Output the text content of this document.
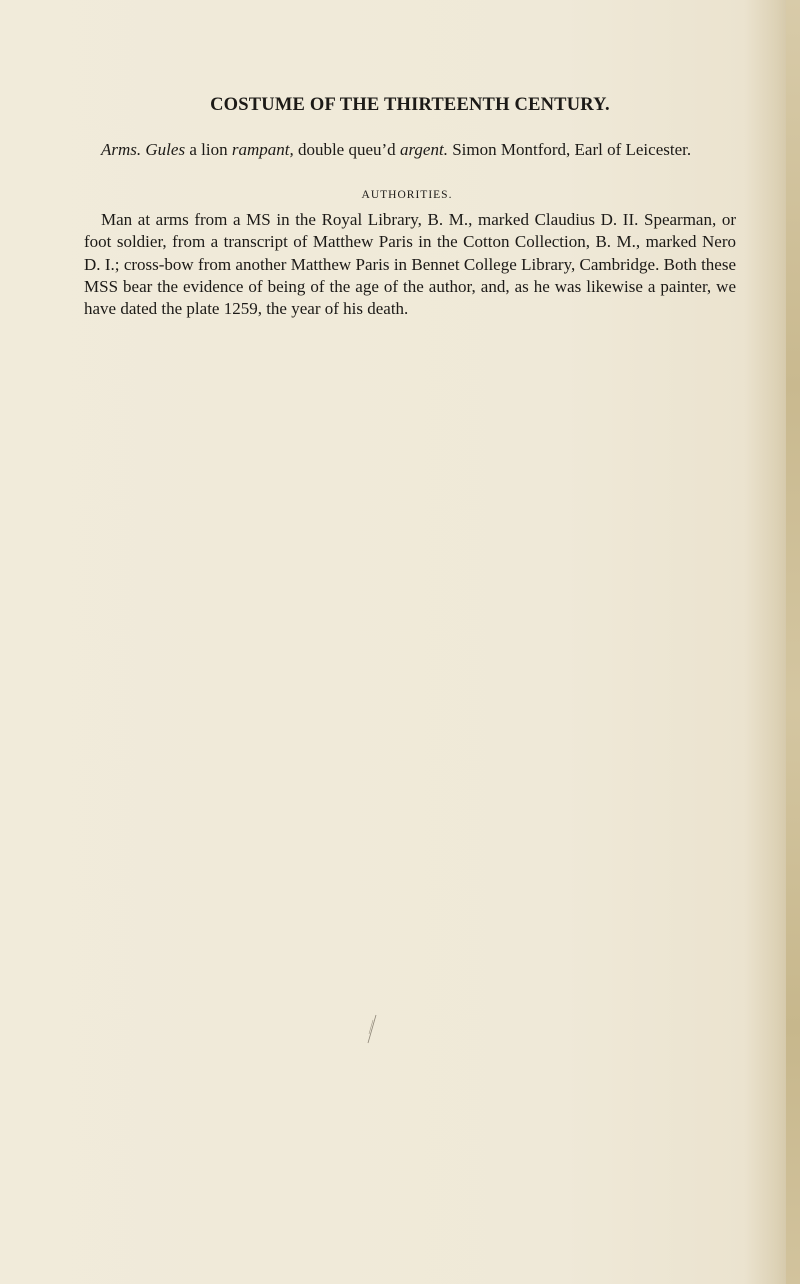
COSTUME OF THE THIRTEENTH CENTURY.

Arms. Gules a lion rampant, double queu’d argent. Simon Montford, Earl of Leicester.

AUTHORITIES.

Man at arms from a MS in the Royal Library, B. M., marked Claudius D. II. Spearman, or foot soldier, from a transcript of Matthew Paris in the Cotton Collection, B. M., marked Nero D. I.; cross-bow from another Matthew Paris in Bennet College Library, Cambridge. Both these MSS bear the evidence of being of the age of the author, and, as he was likewise a painter, we have dated the plate 1259, the year of his death.
